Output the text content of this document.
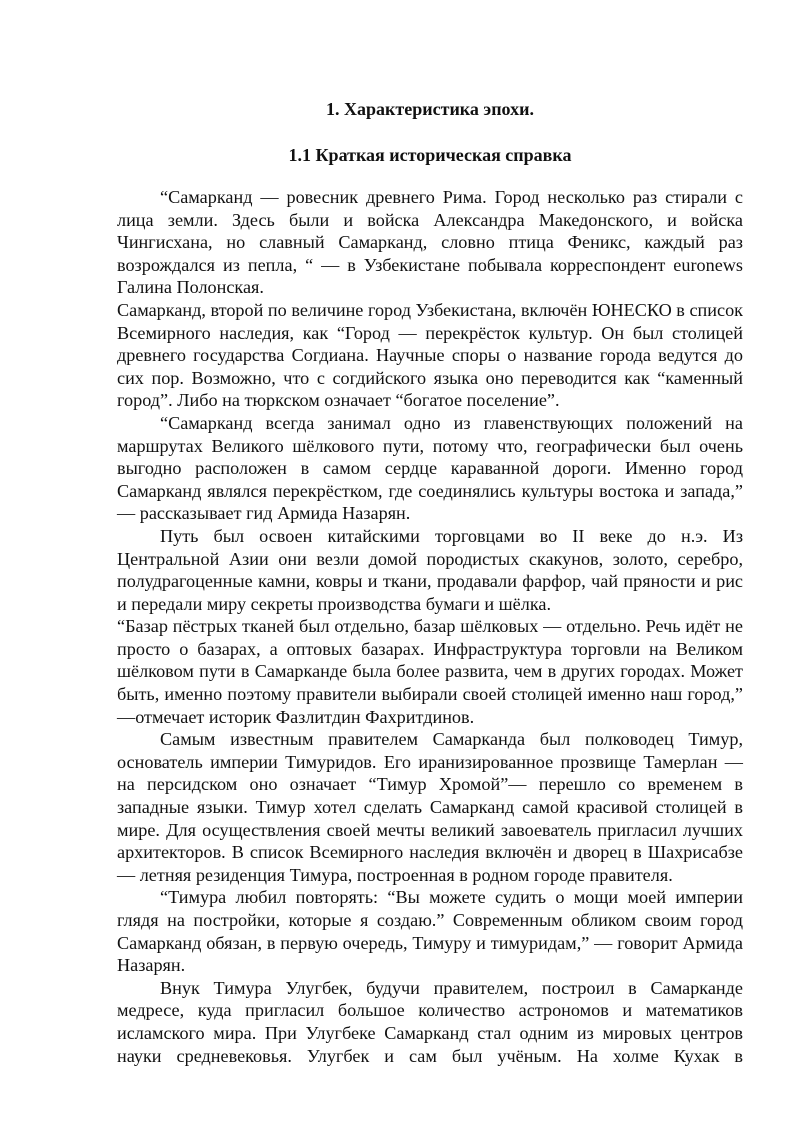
1. Характеристика эпохи.
1.1 Краткая историческая справка

“Самарканд — ровесник древнего Рима. Город несколько раз стирали с лица земли. Здесь были и войска Александра Македонского, и войска Чингисхана, но славный Самарканд, словно птица Феникс, каждый раз возрождался из пепла, “ — в Узбекистане побывала корреспондент euronews Галина Полонская.

Самарканд, второй по величине город Узбекистана, включён ЮНЕСКО в список Всемирного наследия, как “Город — перекрёсток культур. Он был столицей древнего государства Согдиана. Научные споры о название города ведутся до сих пор. Возможно, что с согдийского языка оно переводится как “каменный город”. Либо на тюркском означает “богатое поселение”.

“Самарканд всегда занимал одно из главенствующих положений на маршрутах Великого шёлкового пути, потому что, географически был очень выгодно расположен в самом сердце караванной дороги. Именно город Самарканд являлся перекрёстком, где соединялись культуры востока и запада,” — рассказывает гид Армида Назарян.

Путь был освоен китайскими торговцами во II веке до н.э. Из Центральной Азии они везли домой породистых скакунов, золото, серебро, полудрагоценные камни, ковры и ткани, продавали фарфор, чай пряности и рис и передали миру секреты производства бумаги и шёлка.

“Базар пёстрых тканей был отдельно, базар шёлковых — отдельно. Речь идёт не просто о базарах, а оптовых базарах. Инфраструктура торговли на Великом шёлковом пути в Самарканде была более развита, чем в других городах. Может быть, именно поэтому правители выбирали своей столицей именно наш город,” —отмечает историк Фазлитдин Фахритдинов.

Самым известным правителем Самарканда был полководец Тимур, основатель империи Тимуридов. Его иранизированное прозвище Тамерлан — на персидском оно означает “Тимур Хромой”— перешло со временем в западные языки. Тимур хотел сделать Самарканд самой красивой столицей в мире. Для осуществления своей мечты великий завоеватель пригласил лучших архитекторов. В список Всемирного наследия включён и дворец в Шахрисабзе — летняя резиденция Тимура, построенная в родном городе правителя.

“Тимура любил повторять: “Вы можете судить о мощи моей империи глядя на постройки, которые я создаю.” Современным обликом своим город Самарканд обязан, в первую очередь, Тимуру и тимуридам,” — говорит Армида Назарян.

Внук Тимура Улугбек, будучи правителем, построил в Самарканде медресе, куда пригласил большое количество астрономов и математиков исламского мира. При Улугбеке Самарканд стал одним из мировых центров науки средневековья. Улугбек и сам был учёным. На холме Кухак в
